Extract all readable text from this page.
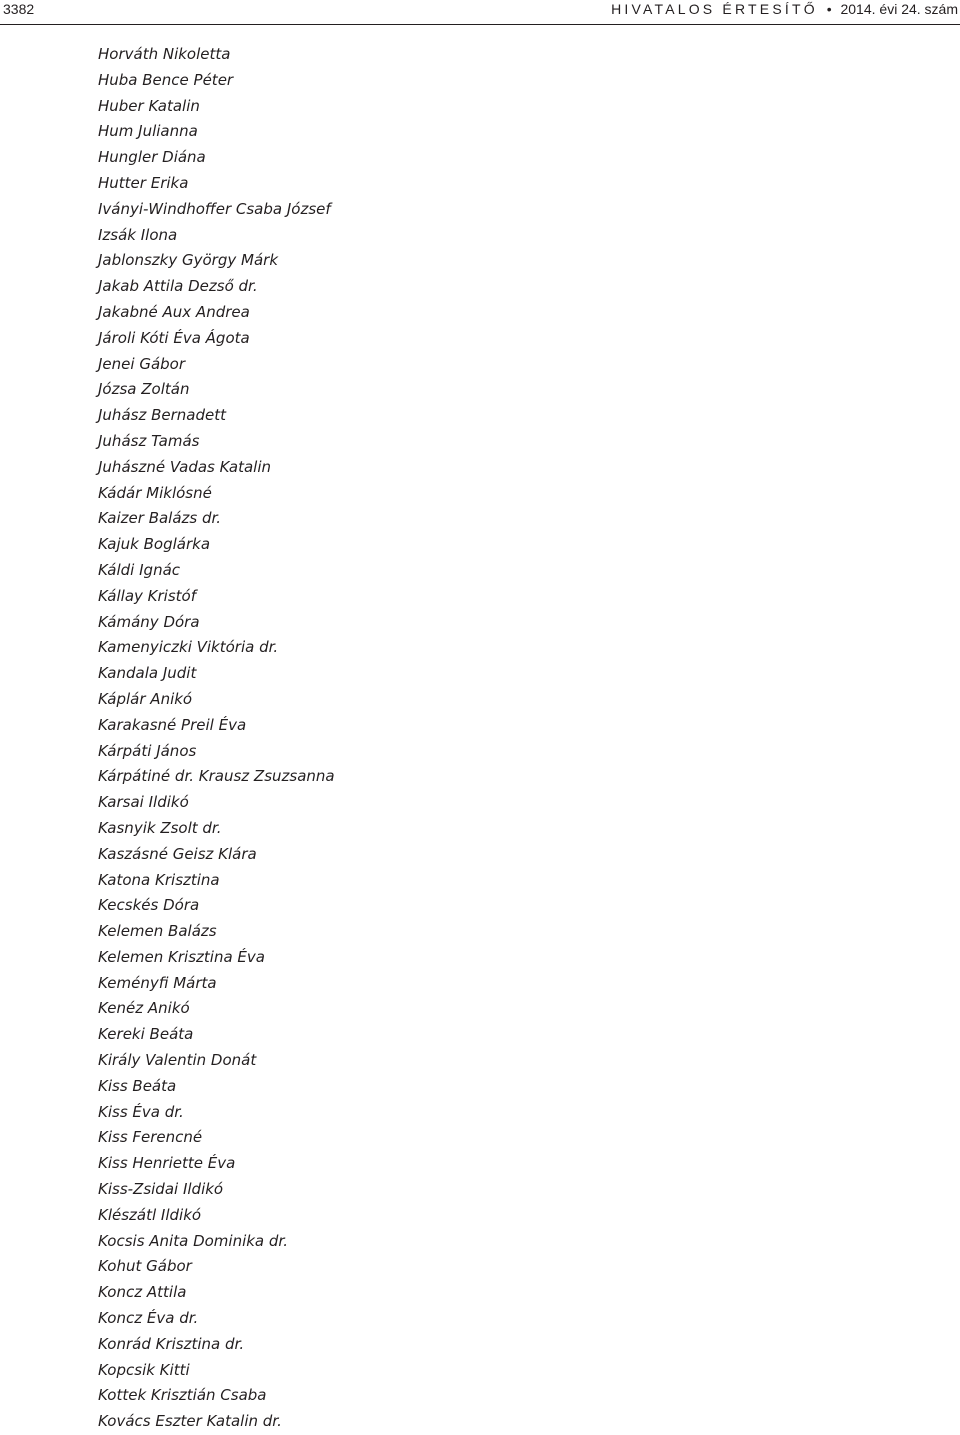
3382	HIVATALOS ÉRTESÍTŐ • 2014. évi 24. szám
Horváth Nikoletta
Huba Bence Péter
Huber Katalin
Hum Julianna
Hungler Diána
Hutter Erika
Iványi-Windhoffer Csaba József
Izsák Ilona
Jablonszky György Márk
Jakab Attila Dezső dr.
Jakabné Aux Andrea
Jároli Kóti Éva Ágota
Jenei Gábor
Józsa Zoltán
Juhász Bernadett
Juhász Tamás
Juhászné Vadas Katalin
Kádár Miklósné
Kaizer Balázs dr.
Kajuk Boglárka
Káldi Ignác
Kállay Kristóf
Kámány Dóra
Kamenyiczki Viktória dr.
Kandala Judit
Káplár Anikó
Karakasné Preil Éva
Kárpáti János
Kárpátiné dr. Krausz Zsuzsanna
Karsai Ildikó
Kasnyik Zsolt dr.
Kaszásné Geisz Klára
Katona Krisztina
Kecskés Dóra
Kelemen Balázs
Kelemen Krisztina Éva
Keményfi Márta
Kenéz Anikó
Kereki Beáta
Király Valentin Donát
Kiss Beáta
Kiss Éva dr.
Kiss Ferencné
Kiss Henriette Éva
Kiss-Zsidai Ildikó
Klészátl Ildikó
Kocsis Anita Dominika dr.
Kohut Gábor
Koncz Attila
Koncz Éva dr.
Konrád Krisztina dr.
Kopcsik Kitti
Kottek Krisztián Csaba
Kovács Eszter Katalin dr.
